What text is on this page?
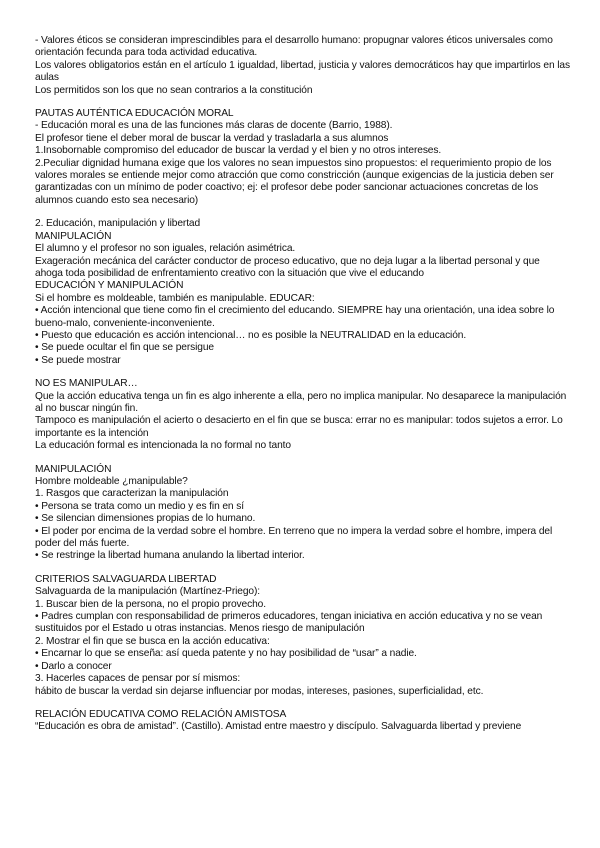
- Valores éticos se consideran imprescindibles para el desarrollo humano: propugnar valores éticos universales como orientación fecunda para toda actividad educativa.
Los valores obligatorios están en el artículo 1 igualdad, libertad, justicia y valores democráticos hay que impartirlos en las aulas
Los permitidos son los que no sean contrarios a la constitución
PAUTAS AUTÉNTICA EDUCACIÓN MORAL
- Educación moral es una de las funciones más claras de docente (Barrio, 1988).
El profesor tiene el deber moral de buscar la verdad y trasladarla a sus alumnos
1.Insobornable compromiso del educador de buscar la verdad y el bien y no otros intereses.
2.Peculiar dignidad humana exige que los valores no sean impuestos sino propuestos: el requerimiento propio de los valores morales se entiende mejor como atracción que como constricción (aunque exigencias de la justicia deben ser garantizadas con un mínimo de poder coactivo; ej: el profesor debe poder sancionar actuaciones concretas de los alumnos cuando esto sea necesario)
2. Educación, manipulación y libertad
MANIPULACIÓN
El alumno y el profesor no son iguales, relación asimétrica.
Exageración mecánica del carácter conductor de proceso educativo, que no deja lugar a la libertad personal y que ahoga toda posibilidad de enfrentamiento creativo con la situación que vive el educando
EDUCACIÓN Y MANIPULACIÓN
Si el hombre es moldeable, también es manipulable. EDUCAR:
• Acción intencional que tiene como fin el crecimiento del educando. SIEMPRE hay una orientación, una idea sobre lo bueno-malo, conveniente-inconveniente.
• Puesto que educación es acción intencional… no es posible la NEUTRALIDAD en la educación.
• Se puede ocultar el fin que se persigue
• Se puede mostrar
NO ES MANIPULAR…
Que la acción educativa tenga un fin es algo inherente a ella, pero no implica manipular. No desaparece la manipulación al no buscar ningún fin.
Tampoco es manipulación el acierto o desacierto en el fin que se busca: errar no es manipular: todos sujetos a error. Lo importante es la intención
La educación formal es intencionada la no formal no tanto
MANIPULACIÓN
Hombre moldeable ¿manipulable?
1. Rasgos que caracterizan la manipulación
• Persona se trata como un medio y es fin en sí
• Se silencian dimensiones propias de lo humano.
• El poder por encima de la verdad sobre el hombre. En terreno que no impera la verdad sobre el hombre, impera del poder del más fuerte.
• Se restringe la libertad humana anulando la libertad interior.
CRITERIOS SALVAGUARDA LIBERTAD
Salvaguarda de la manipulación (Martínez-Priego):
1. Buscar bien de la persona, no el propio provecho.
• Padres cumplan con responsabilidad de primeros educadores, tengan iniciativa en acción educativa y no se vean sustituidos por el Estado u otras instancias. Menos riesgo de manipulación
2. Mostrar el fin que se busca en la acción educativa:
• Encarnar lo que se enseña: así queda patente y no hay posibilidad de “usar” a nadie.
• Darlo a conocer
3. Hacerles capaces de pensar por sí mismos:
hábito de buscar la verdad sin dejarse influenciar por modas, intereses, pasiones, superficialidad, etc.
RELACIÓN EDUCATIVA COMO RELACIÓN AMISTOSA
“Educación es obra de amistad”. (Castillo). Amistad entre maestro y discípulo. Salvaguarda libertad y previene
